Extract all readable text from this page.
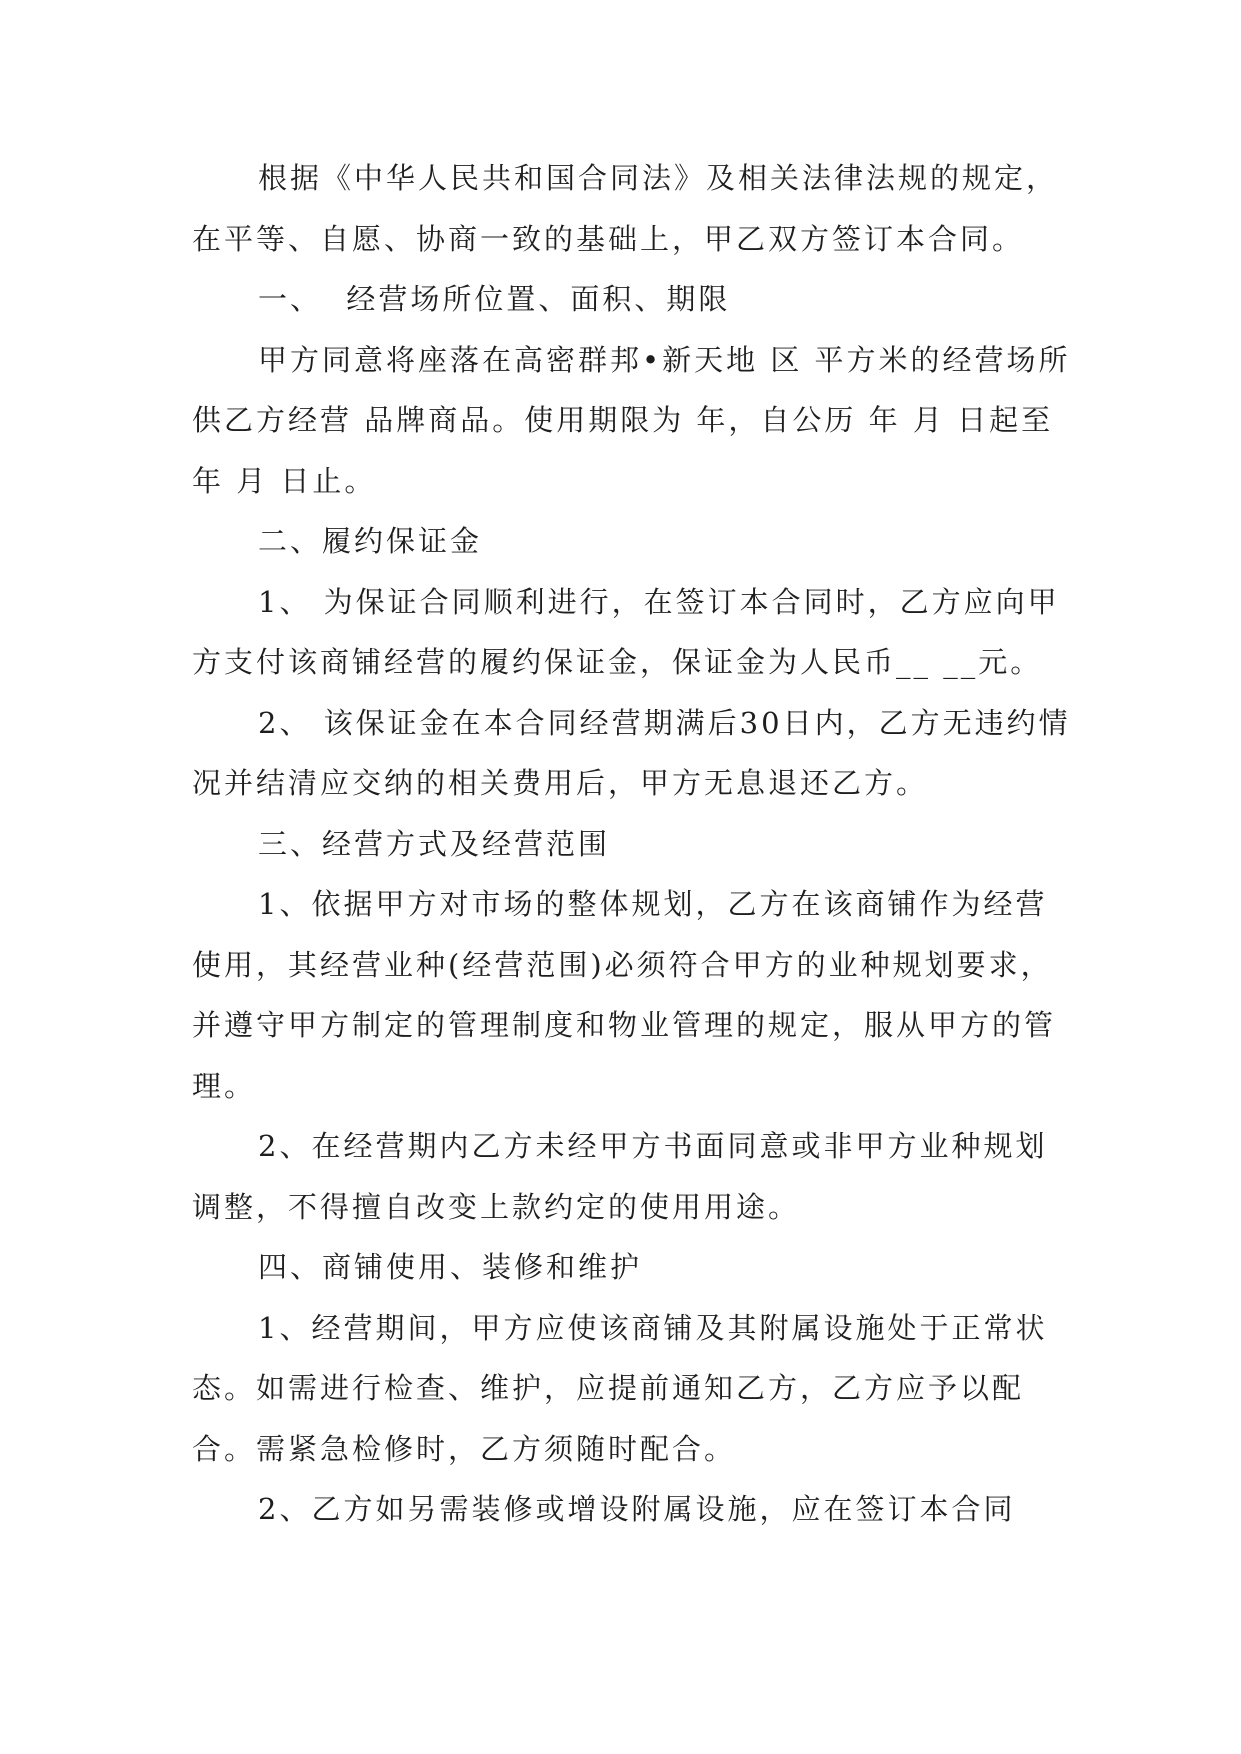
根据《中华人民共和国合同法》及相关法律法规的规定，在平等、自愿、协商一致的基础上，甲乙双方签订本合同。

一、  经营场所位置、面积、期限

甲方同意将座落在高密群邦•新天地 区 平方米的经营场所供乙方经营 品牌商品。使用期限为 年，自公历 年 月 日起至 年 月 日止。

二、履约保证金

1、 为保证合同顺利进行，在签订本合同时，乙方应向甲方支付该商铺经营的履约保证金，保证金为人民币__ __元。

2、 该保证金在本合同经营期满后30日内，乙方无违约情况并结清应交纳的相关费用后，甲方无息退还乙方。

三、经营方式及经营范围

1、依据甲方对市场的整体规划，乙方在该商铺作为经营 使用，其经营业种(经营范围)必须符合甲方的业种规划要求，并遵守甲方制定的管理制度和物业管理的规定，服从甲方的管理。

2、在经营期内乙方未经甲方书面同意或非甲方业种规划调整，不得擅自改变上款约定的使用用途。

四、商铺使用、装修和维护

1、经营期间，甲方应使该商铺及其附属设施处于正常状态。如需进行检查、维护，应提前通知乙方，乙方应予以配合。需紧急检修时，乙方须随时配合。

2、乙方如另需装修或增设附属设施，应在签订本合同
